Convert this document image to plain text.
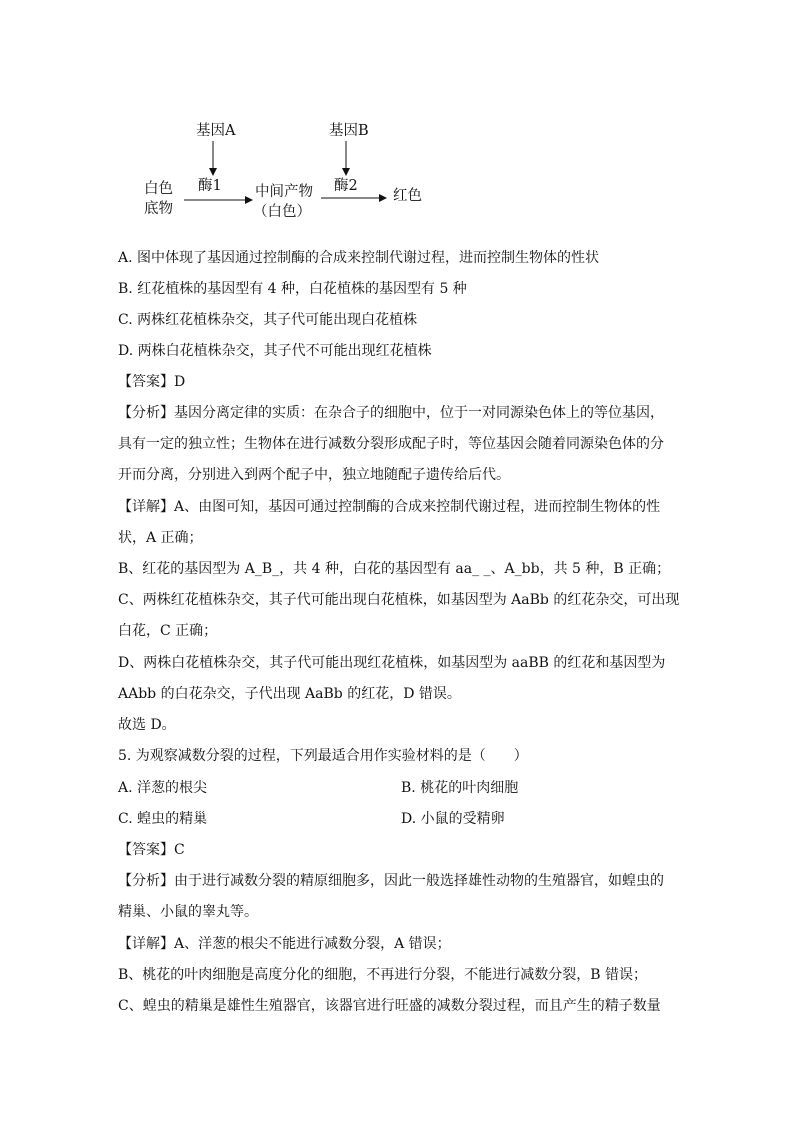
基因A	基因B
白色
底物
酶1 中间产物
（白色）
酶2
红色
A. 图中体现了基因通过控制酶的合成来控制代谢过程，进而控制生物体的性状
B. 红花植株的基因型有 4 种，白花植株的基因型有 5 种
C. 两株红花植株杂交，其子代可能出现白花植株
D. 两株白花植株杂交，其子代不可能出现红花植株
【答案】D
【分析】基因分离定律的实质：在杂合子的细胞中，位于一对同源染色体上的等位基因，
具有一定的独立性；生物体在进行减数分裂形成配子时，等位基因会随着同源染色体的分
开而分离，分别进入到两个配子中，独立地随配子遗传给后代。
【详解】A、由图可知，基因可通过控制酶的合成来控制代谢过程，进而控制生物体的性
状，A 正确；
B、红花的基因型为 A_B_，共 4 种，白花的基因型有 aa_ _、A_bb，共 5 种，B 正确；
C、两株红花植株杂交，其子代可能出现白花植株，如基因型为 AaBb 的红花杂交，可出现
白花，C 正确；
D、两株白花植株杂交，其子代可能出现红花植株，如基因型为 aaBB 的红花和基因型为
AAbb 的白花杂交，子代出现 AaBb 的红花，D 错误。
故选 D。
5. 为观察减数分裂的过程，下列最适合用作实验材料的是（　　）
A. 洋葱的根尖	B. 桃花的叶肉细胞
C. 蝗虫的精巢	D. 小鼠的受精卵
【答案】C
【分析】由于进行减数分裂的精原细胞多，因此一般选择雄性动物的生殖器官，如蝗虫的
精巢、小鼠的睾丸等。
【详解】A、洋葱的根尖不能进行减数分裂，A 错误；
B、桃花的叶肉细胞是高度分化的细胞，不再进行分裂，不能进行减数分裂，B 错误；
C、蝗虫的精巢是雄性生殖器官，该器官进行旺盛的减数分裂过程，而且产生的精子数量
